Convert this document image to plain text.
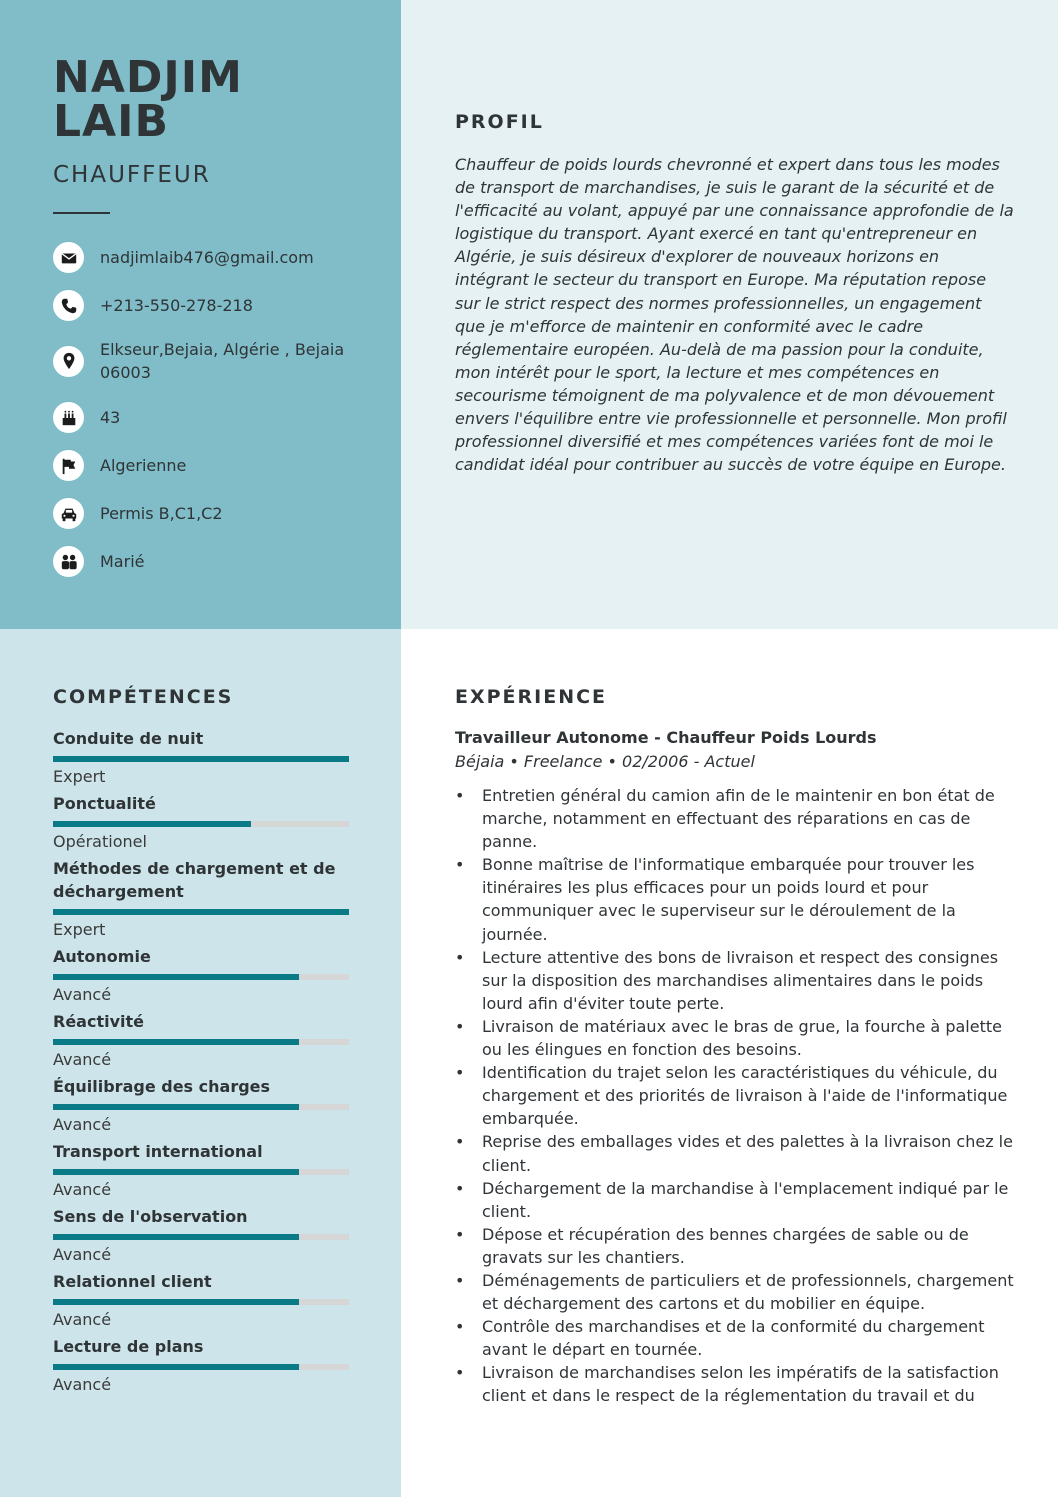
NADJIM
LAIB
CHAUFFEUR
nadjimlaib476@gmail.com
+213-550-278-218
Elkseur,Bejaia, Algérie , Bejaia 06003
43
Algerienne
Permis B,C1,C2
Marié
PROFIL

Chauffeur de poids lourds chevronné et expert dans tous les modes de transport de marchandises, je suis le garant de la sécurité et de l'efficacité au volant, appuyé par une connaissance approfondie de la logistique du transport. Ayant exercé en tant qu'entrepreneur en Algérie, je suis désireux d'explorer de nouveaux horizons en intégrant le secteur du transport en Europe. Ma réputation repose sur le strict respect des normes professionnelles, un engagement que je m'efforce de maintenir en conformité avec le cadre réglementaire européen. Au-delà de ma passion pour la conduite, mon intérêt pour le sport, la lecture et mes compétences en secourisme témoignent de ma polyvalence et de mon dévouement envers l'équilibre entre vie professionnelle et personnelle. Mon profil professionnel diversifié et mes compétences variées font de moi le candidat idéal pour contribuer au succès de votre équipe en Europe.

COMPÉTENCES
Conduite de nuit
Expert
Ponctualité
Opérationel
Méthodes de chargement et de déchargement
Expert
Autonomie
Avancé
Réactivité
Avancé
Équilibrage des charges
Avancé
Transport international
Avancé
Sens de l'observation
Avancé
Relationnel client
Avancé
Lecture de plans
Avancé
EXPÉRIENCE
Travailleur Autonome - Chauffeur Poids Lourds
Béjaia • Freelance • 02/2006 - Actuel
• Entretien général du camion afin de le maintenir en bon état de marche, notamment en effectuant des réparations en cas de panne.
• Bonne maîtrise de l'informatique embarquée pour trouver les itinéraires les plus efficaces pour un poids lourd et pour communiquer avec le superviseur sur le déroulement de la journée.
• Lecture attentive des bons de livraison et respect des consignes sur la disposition des marchandises alimentaires dans le poids lourd afin d'éviter toute perte.
• Livraison de matériaux avec le bras de grue, la fourche à palette ou les élingues en fonction des besoins.
• Identification du trajet selon les caractéristiques du véhicule, du chargement et des priorités de livraison à l'aide de l'informatique embarquée.
• Reprise des emballages vides et des palettes à la livraison chez le client.
• Déchargement de la marchandise à l'emplacement indiqué par le client.
• Dépose et récupération des bennes chargées de sable ou de gravats sur les chantiers.
• Déménagements de particuliers et de professionnels, chargement et déchargement des cartons et du mobilier en équipe.
• Contrôle des marchandises et de la conformité du chargement avant le départ en tournée.
• Livraison de marchandises selon les impératifs de la satisfaction client et dans le respect de la réglementation du travail et du
